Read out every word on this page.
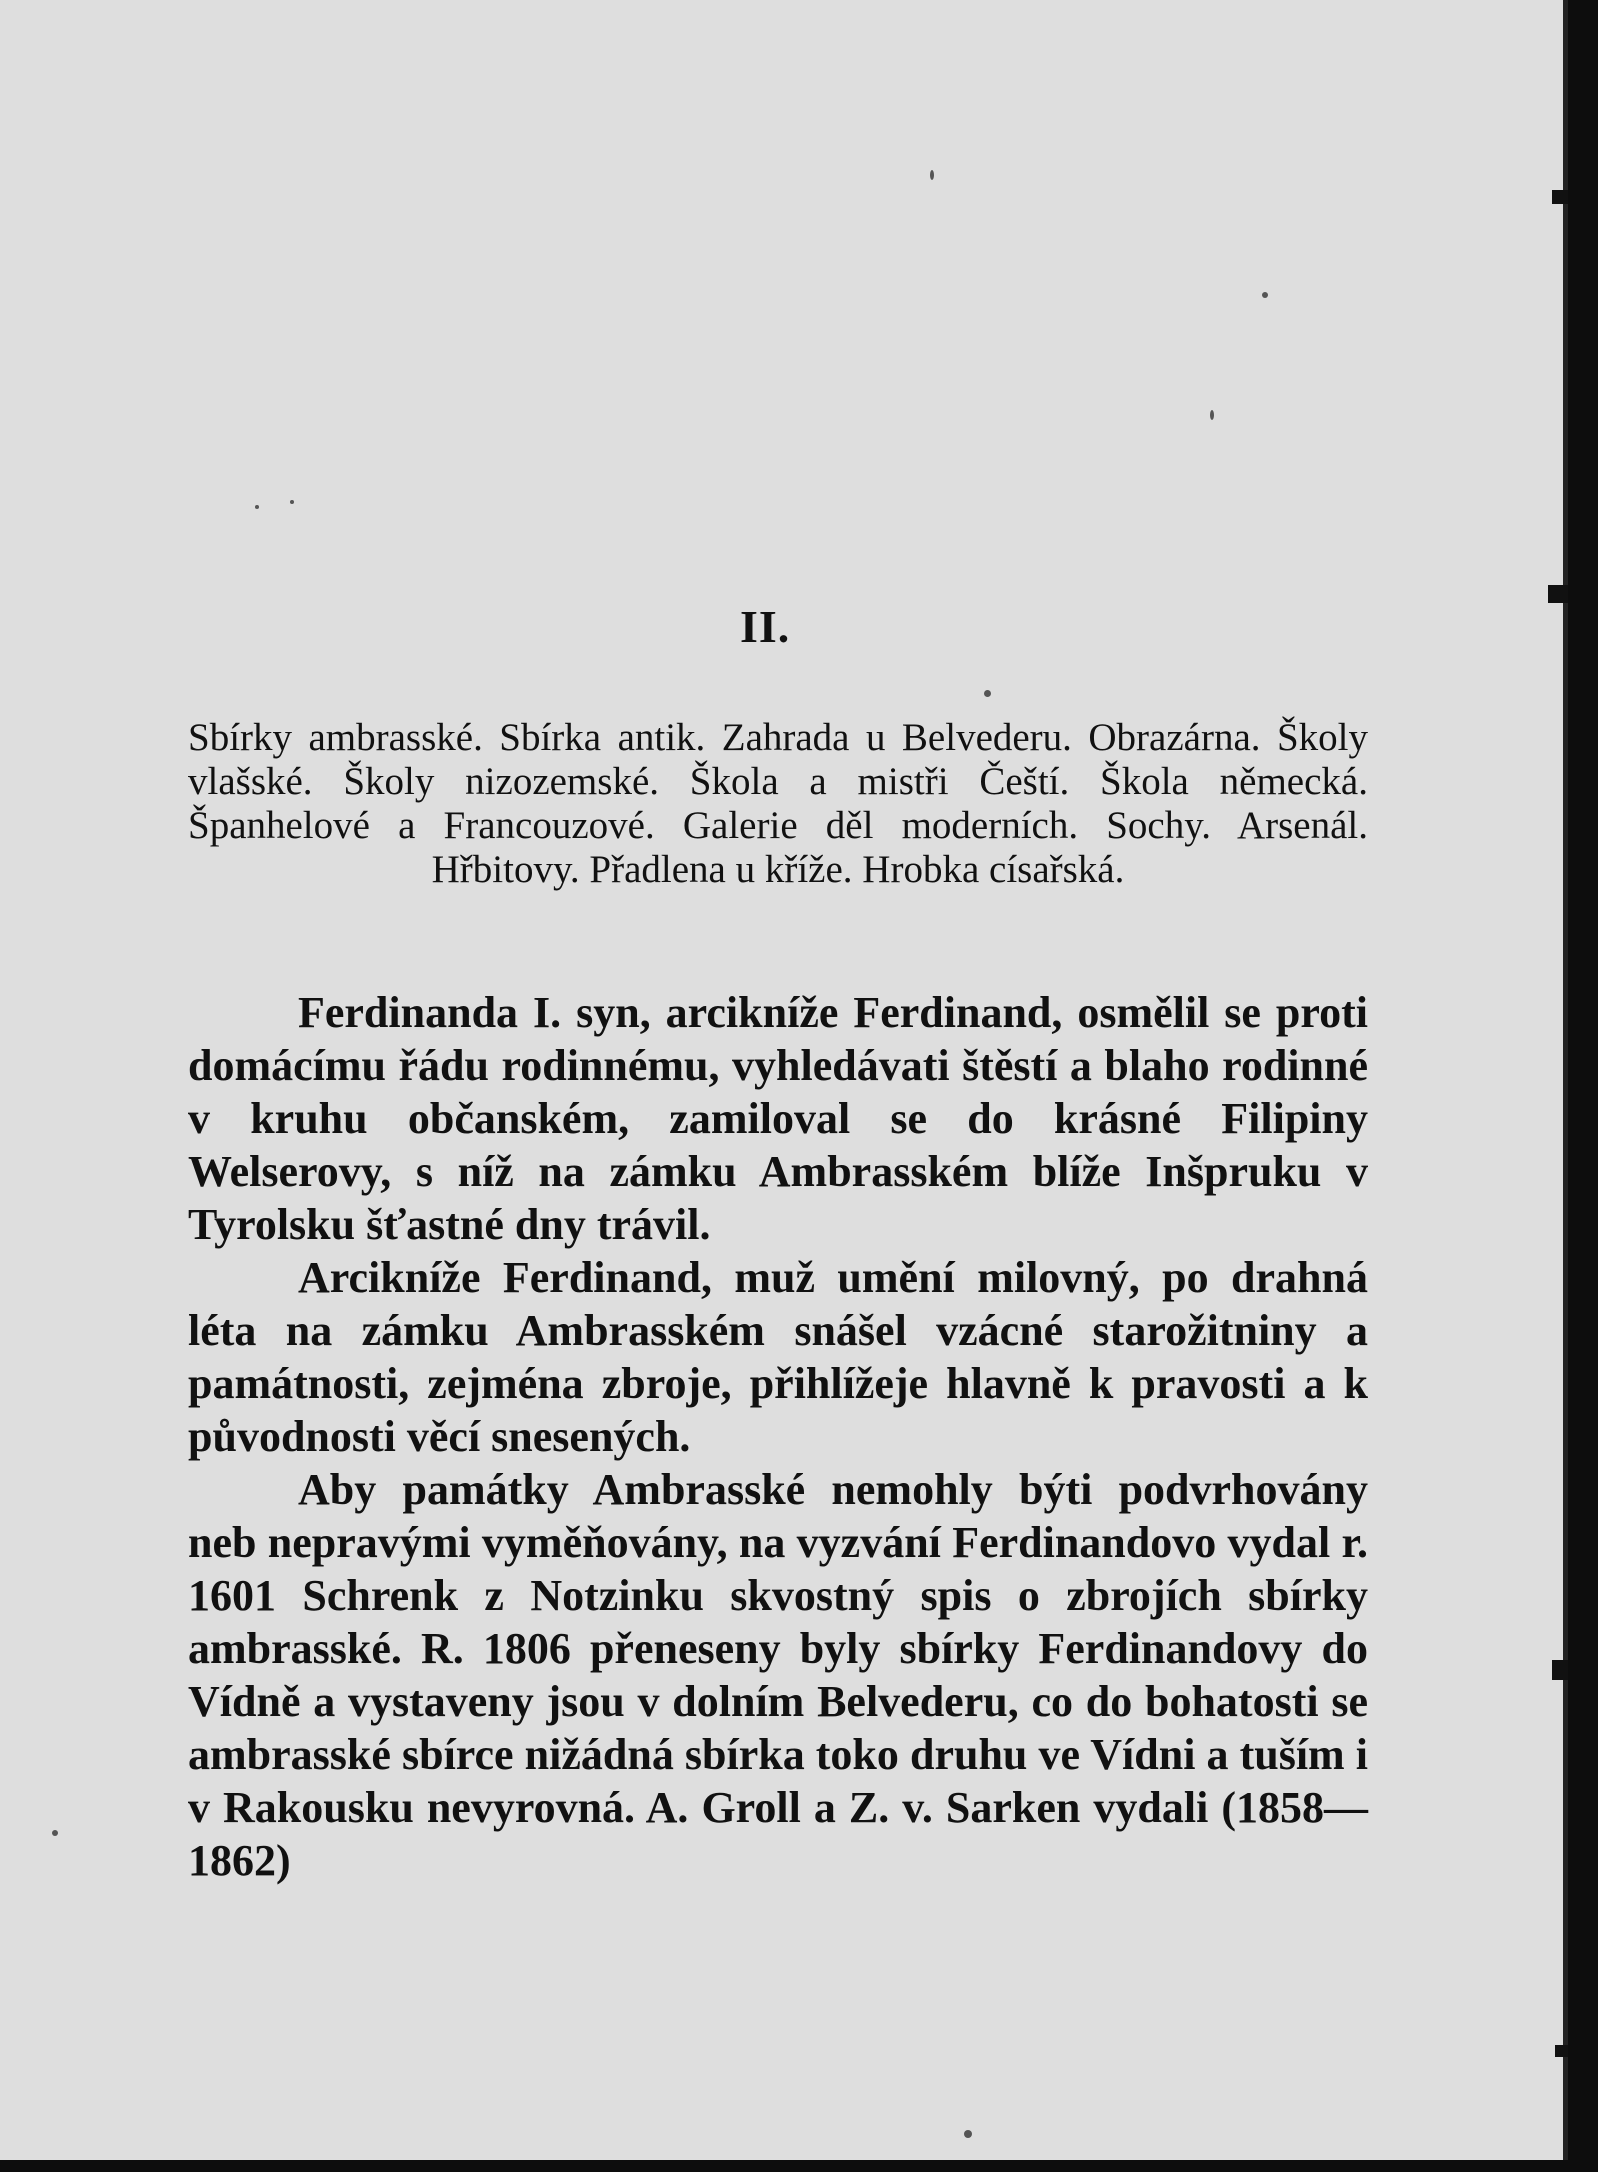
II.
Sbírky ambrasské. Sbírka antik. Zahrada u Belvederu. Obrazárna. Školy vlašské. Školy nizozemské. Škola a mistři Čeští. Škola německá. Španhelové a Francouzové. Galerie děl moderních. Sochy. Arsenál. Hřbitovy. Přadlena u kříže. Hrobka císařská.

Ferdinanda I. syn, arcikníže Ferdinand, osmělil se proti domácímu řádu rodinnému, vyhledávati štěstí a blaho rodinné v kruhu občanském, zamiloval se do krásné Filipiny Welserovy, s níž na zámku Ambrasském blíže Inšpruku v Tyrolsku šťastné dny trávil.

Arcikníže Ferdinand, muž umění milovný, po drahná léta na zámku Ambrasském snášel vzácné starožitniny a památnosti, zejména zbroje, přihlížeje hlavně k pravosti a k původnosti věcí snesených.

Aby památky Ambrasské nemohly býti podvrhovány neb nepravými vyměňovány, na vyzvání Ferdinandovo vydal r. 1601 Schrenk z Notzinku skvostný spis o zbrojích sbírky ambrasské. R. 1806 přeneseny byly sbírky Ferdinandovy do Vídně a vystaveny jsou v dolním Belvederu, co do bohatosti se ambrasské sbírce nižádná sbírka toko druhu ve Vídni a tuším i v Rakousku nevyrovná. A. Groll a Z. v. Sarken vydali (1858—1862)
